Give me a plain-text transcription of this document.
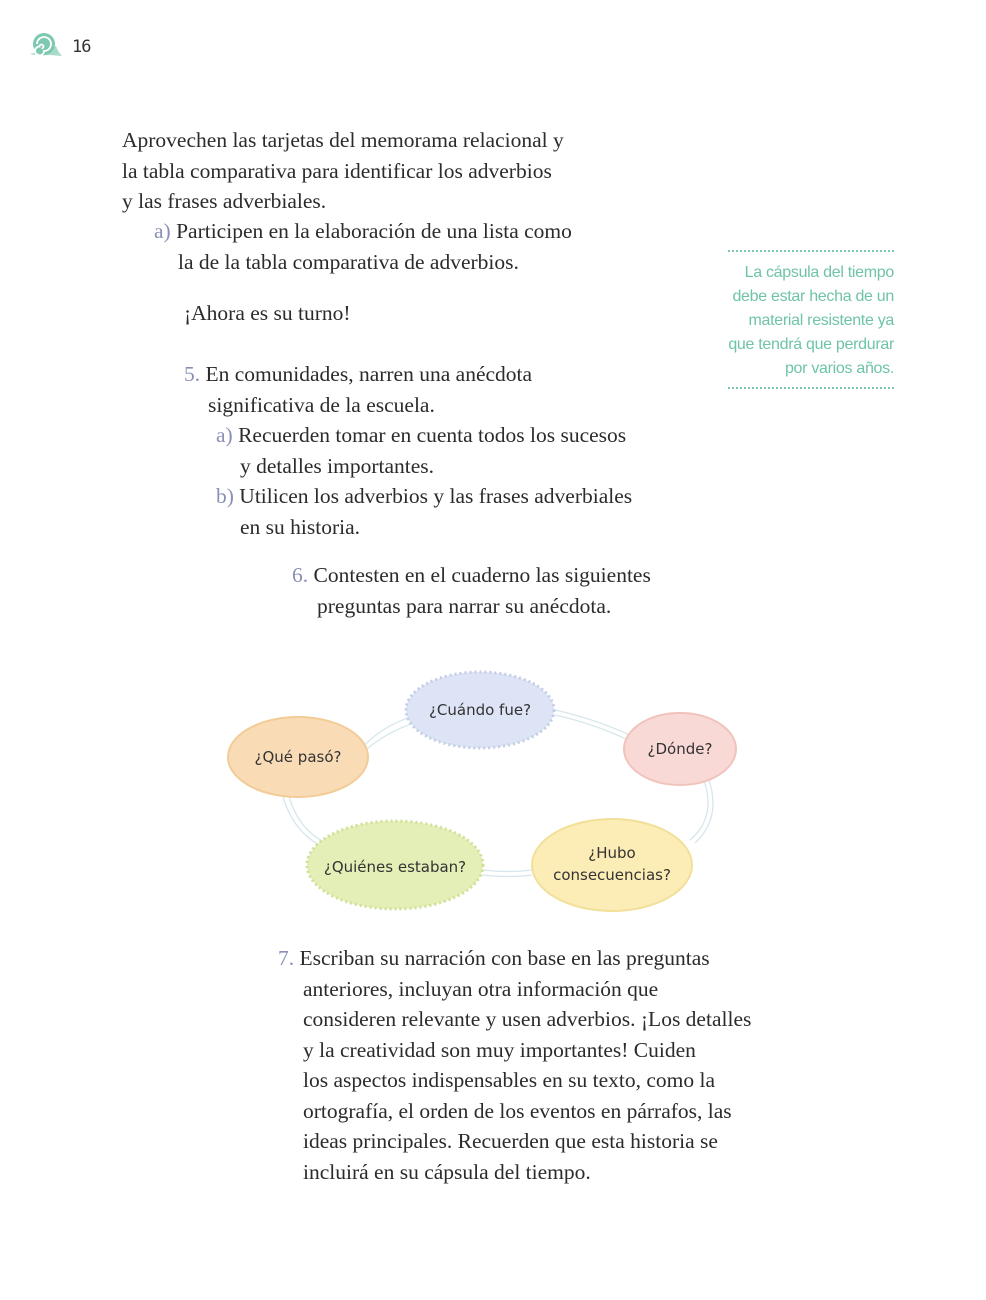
16
Aprovechen las tarjetas del memorama relacional y
la tabla comparativa para identificar los adverbios
y las frases adverbiales.
a) Participen en la elaboración de una lista como
la de la tabla comparativa de adverbios.
¡Ahora es su turno!
La cápsula del tiempo
debe estar hecha de un
material resistente ya
que tendrá que perdurar
por varios años.
5. En comunidades, narren una anécdota
significativa de la escuela.
a) Recuerden tomar en cuenta todos los sucesos
y detalles importantes.
b) Utilicen los adverbios y las frases adverbiales
en su historia.
6. Contesten en el cuaderno las siguientes
preguntas para narrar su anécdota.
¿Cuándo fue?
¿Dónde?
¿Hubo
consecuencias?
¿Quiénes estaban?
¿Qué pasó?
7. Escriban su narración con base en las preguntas
anteriores, incluyan otra información que
consideren relevante y usen adverbios. ¡Los detalles
y la creatividad son muy importantes! Cuiden
los aspectos indispensables en su texto, como la
ortografía, el orden de los eventos en párrafos, las
ideas principales. Recuerden que esta historia se
incluirá en su cápsula del tiempo.
